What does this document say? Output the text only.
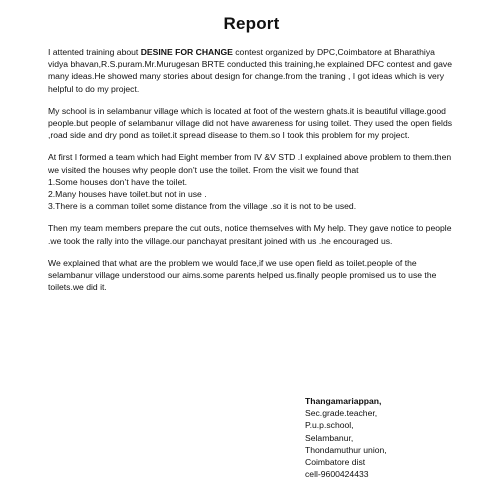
Report

I attented training about DESINE FOR CHANGE contest organized by DPC,Coimbatore at Bharathiya vidya bhavan,R.S.puram.Mr.Murugesan BRTE conducted this training,he explained DFC contest and gave many ideas.He showed many stories about design for change.from the traning , I got ideas which is very helpful to do my project.

My school is in selambanur village which is located at foot of the western ghats.it is beautiful village.good people.but people of selambanur village did not have awareness for using toilet. They used the open fields ,road side and dry pond as toilet.it spread disease to them.so I took this problem for my project.

At first I formed a team which had Eight member from IV &V STD .I explained above problem to them.then we visited the houses why people don’t use the toilet. From the visit we found that
1.Some houses don’t have the toilet.
2.Many houses have toilet.but not in use .
3.There is a comman toilet some distance from the village .so it is not to be used.

Then my team members prepare the cut outs, notice themselves with My help. They gave notice to people .we took the rally into the village.our panchayat presitant joined with us .he encouraged us.

We explained that what are the problem we would face,if we use open field as toilet.people of the selambanur village understood our aims.some parents helped us.finally people promised us to use the toilets.we did it.

Thangamariappan,
Sec.grade.teacher,
P.u.p.school,
Selambanur,
Thondamuthur union,
Coimbatore dist
cell-9600424433
